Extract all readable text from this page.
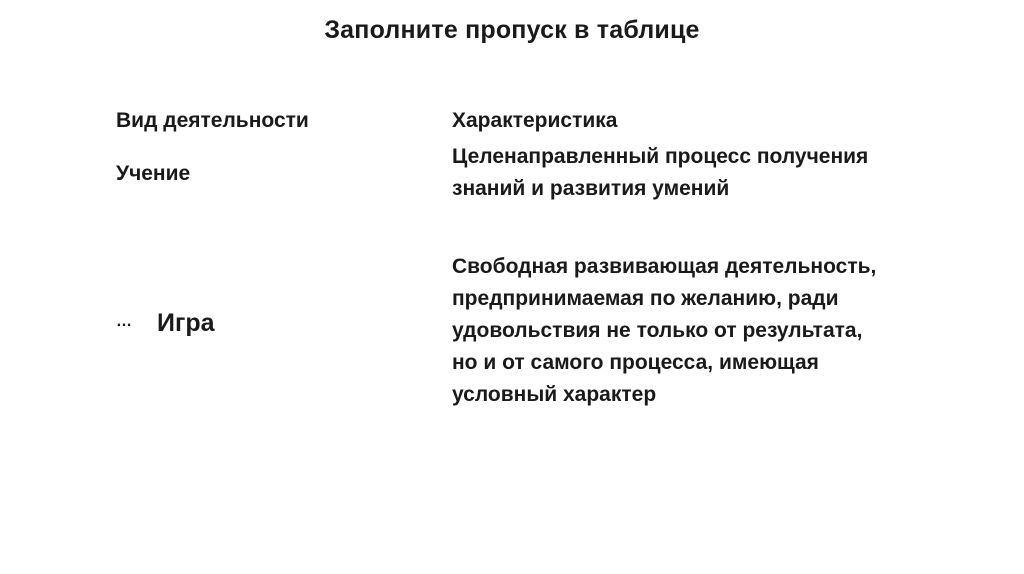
Заполните пропуск в таблице
Вид деятельности	Характеристика
Учение
Целенаправленный процесс получения
знаний и развития умений
… Игра
Свободная развивающая деятельность,
предпринимаемая по желанию, ради
удовольствия не только от результата,
но и от самого процесса, имеющая
условный характер
